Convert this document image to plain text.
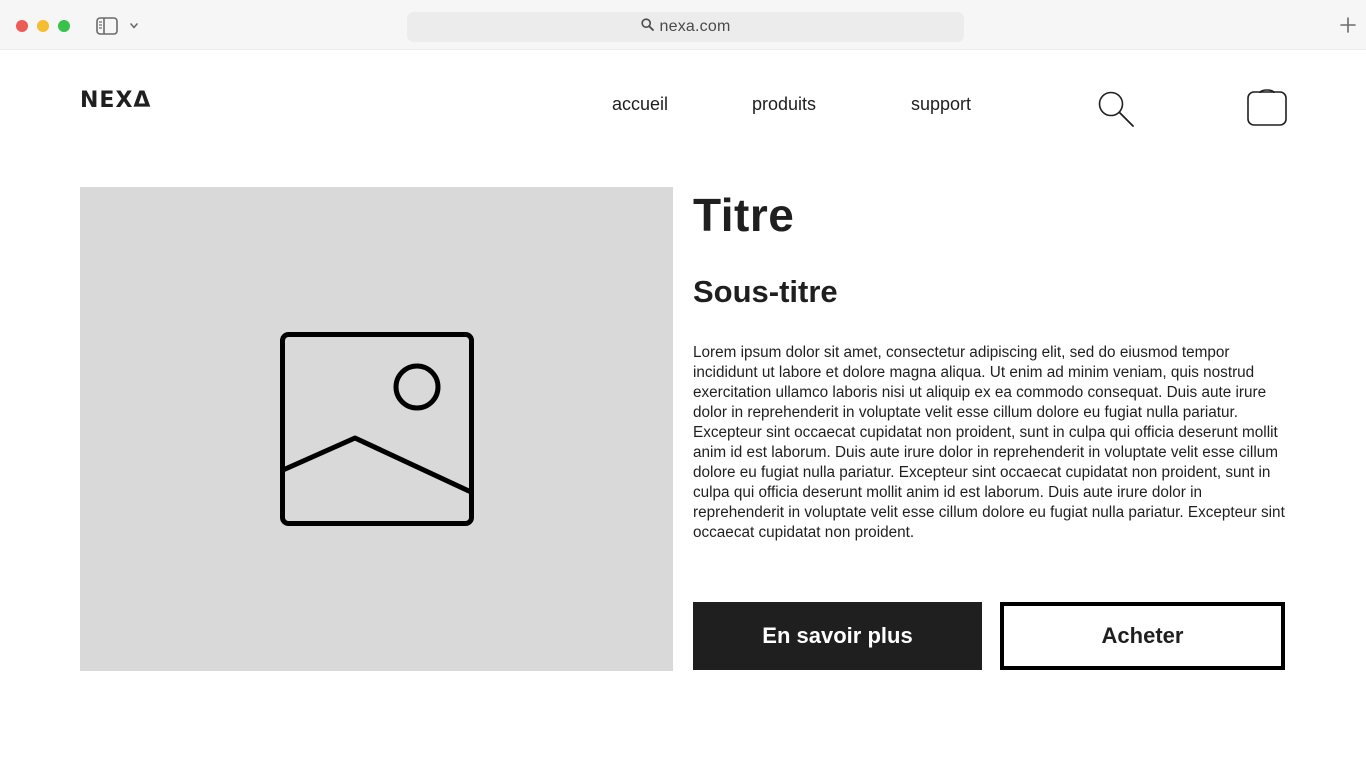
nexa.com
NEXΔ	accueil	produits	support
Titre
Sous-titre

Lorem ipsum dolor sit amet, consectetur adipiscing elit, sed do eiusmod tempor incididunt ut labore et dolore magna aliqua. Ut enim ad minim veniam, quis nostrud exercitation ullamco laboris nisi ut aliquip ex ea commodo consequat. Duis aute irure dolor in reprehenderit in voluptate velit esse cillum dolore eu fugiat nulla pariatur. Excepteur sint occaecat cupidatat non proident, sunt in culpa qui officia deserunt mollit anim id est laborum. Duis aute irure dolor in reprehenderit in voluptate velit esse cillum dolore eu fugiat nulla pariatur. Excepteur sint occaecat cupidatat non proident, sunt in culpa qui officia deserunt mollit anim id est laborum. Duis aute irure dolor in reprehenderit in voluptate velit esse cillum dolore eu fugiat nulla pariatur. Excepteur sint occaecat cupidatat non proident.

En savoir plus	Acheter
